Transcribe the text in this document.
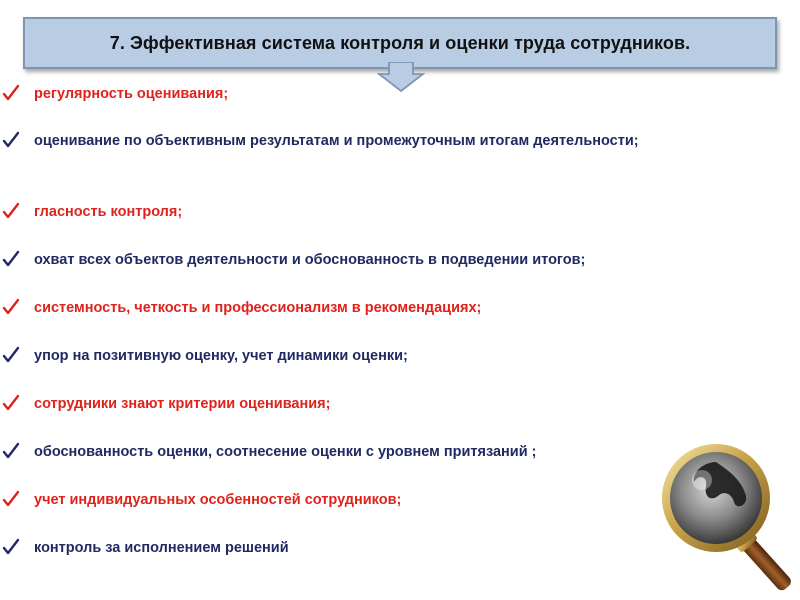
7. Эффективная система контроля и оценки труда сотрудников.
регулярность оценивания;
оценивание по объективным результатам и промежуточным итогам деятельности;
гласность контроля;
охват всех объектов деятельности и обоснованность в подведении итогов;
системность, четкость и профессионализм в рекомендациях;
упор на позитивную оценку, учет динамики оценки;
сотрудники знают критерии оценивания;
обоснованность оценки, соотнесение оценки с уровнем притязаний ;
учет индивидуальных особенностей сотрудников;
контроль за исполнением решений
